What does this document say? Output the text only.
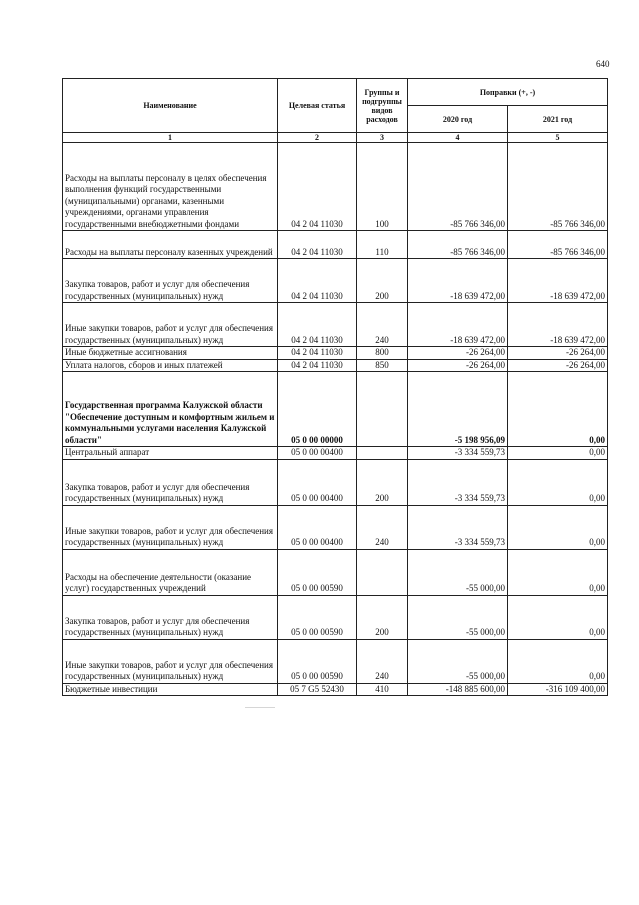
640
Наименование	Целевая статья	Группы и подгруппы видов расходов	Поправки (+, -)	
			2020 год	2021 год
1	2	3	4	5
Расходы на выплаты персоналу в целях обеспечения выполнения функций государственными (муниципальными) органами, казенными учреждениями, органами управления государственными внебюджетными фондами	04 2 04 11030	100	-85 766 346,00	-85 766 346,00
Расходы на выплаты персоналу казенных учреждений	04 2 04 11030	110	-85 766 346,00	-85 766 346,00
Закупка товаров, работ и услуг для обеспечения государственных (муниципальных) нужд	04 2 04 11030	200	-18 639 472,00	-18 639 472,00
Иные закупки товаров, работ и услуг для обеспечения государственных (муниципальных) нужд	04 2 04 11030	240	-18 639 472,00	-18 639 472,00
Иные бюджетные ассигнования	04 2 04 11030	800	-26 264,00	-26 264,00
Уплата налогов, сборов и иных платежей	04 2 04 11030	850	-26 264,00	-26 264,00
Государственная программа Калужской области "Обеспечение доступным и комфортным жильем и коммунальными услугами населения Калужской области"	05 0 00 00000		-5 198 956,09	0,00
Центральный аппарат	05 0 00 00400		-3 334 559,73	0,00
Закупка товаров, работ и услуг для обеспечения государственных (муниципальных) нужд	05 0 00 00400	200	-3 334 559,73	0,00
Иные закупки товаров, работ и услуг для обеспечения государственных (муниципальных) нужд	05 0 00 00400	240	-3 334 559,73	0,00
Расходы на обеспечение деятельности (оказание услуг) государственных учреждений	05 0 00 00590		-55 000,00	0,00
Закупка товаров, работ и услуг для обеспечения государственных (муниципальных) нужд	05 0 00 00590	200	-55 000,00	0,00
Иные закупки товаров, работ и услуг для обеспечения государственных (муниципальных) нужд	05 0 00 00590	240	-55 000,00	0,00
Бюджетные инвестиции	05 7 G5 52430	410	-148 885 600,00	-316 109 400,00
